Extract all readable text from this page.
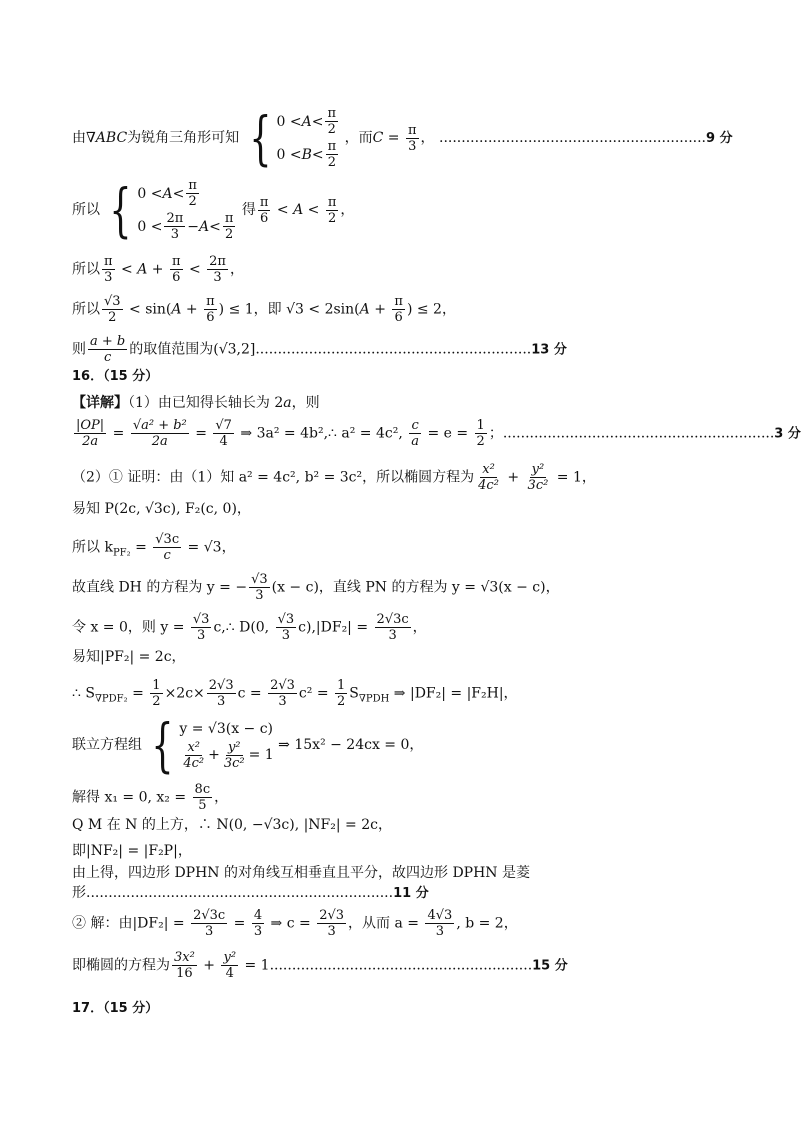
由∇ABC为锐角三角形可知 { $0 < A < \frac{\pi}{2}$
$0 < B < \frac{\pi}{2}$
，而$C = \frac{\pi}{3}$ ， ............................................................9 分
所以 { $0 < A < \frac{\pi}{2}$
$0 < \frac{2\pi}{3} - A < \frac{\pi}{2}$
得 $\frac{\pi}{6} < A < \frac{\pi}{2}$ ，
所以 $\frac{\pi}{3} < A + \frac{\pi}{6} < \frac{2\pi}{3}$ ，
所以 $\frac{√3}{2} < \sin(A + \frac{\pi}{6}$ ) ≤ 1，即 $√3 < 2\sin(A + \frac{\pi}{6}$ ) ≤ 2，
则 $\frac{a + b}{c}$ 的取值范围为(√3,2]..............................................................13 分
16．（15 分）
【详解】（1）由已知得长轴长为 2a，则
$\frac{|OP|}{2a} = \frac{\text{√a² + b²}}{2a} = \frac{√7}{4}$ ⇒ 3a² = 4b²,∴ a² = 4c², $\frac{c}{a} = e = \frac{1}{2}$ ；.............................................................3 分
（2）① 证明：由（1）知 a² = 4c², b² = 3c²，所以椭圆方程为 $\frac{\text{x²}}{\text{4c²}} + \frac{\text{y²}}{\text{3c²}} = 1$，
易知 P(2c, √3c), F₂(c, 0)，
所以 $k_{PF_2} = \frac{√3c}{c} = √3$，
故直线 DH 的方程为 y = − $\frac{√3}{3} (x - c)$，直线 PN 的方程为 y = √3(x − c)，
令 x = 0，则 $y = \frac{√3}{3}$ c,∴ D(0, $\frac{√3}{3} c),|DF_2| = \frac{2√3c}{3}$ ，
易知|PF₂| = 2c，
∴ $S_{\nabla PDF_2} = \frac{1}{2} \times 2c\times \frac{2√3}{3}$ $c = \frac{2√3}{3} c^2 = \frac{1}{2} S_{\nabla PDH}$ ⇒ |DF₂| = |F₂H|，
联立方程组 { y = √3(x − c)
$\frac{\text{x²}}{\text{4c²}} + \frac{\text{y²}}{\text{3c²}} = 1$
⇒ 15x² − 24cx = 0，
解得 x₁ = 0, $x_2 = \frac{8c}{5}$ ，
Q M 在 N 的上方，∴ N(0, −√3c), |NF₂| = 2c，
即|NF₂| = |F₂P|，
由上得，四边形 DPHN 的对角线互相垂直且平分，故四边形 DPHN 是菱
形.....................................................................11 分
② 解：由$|DF_2| = \frac{2√3c}{3} = \frac{4}{3}$ ⇒ $c = \frac{2√3}{3}$ ，从而 $a = \frac{4√3}{3}$ , b = 2，
即椭圆的方程为 $\frac{\text{3x²}}{16} + \frac{\text{y²}}{4} = 1...........................................................15$ 分
17．（15 分）
